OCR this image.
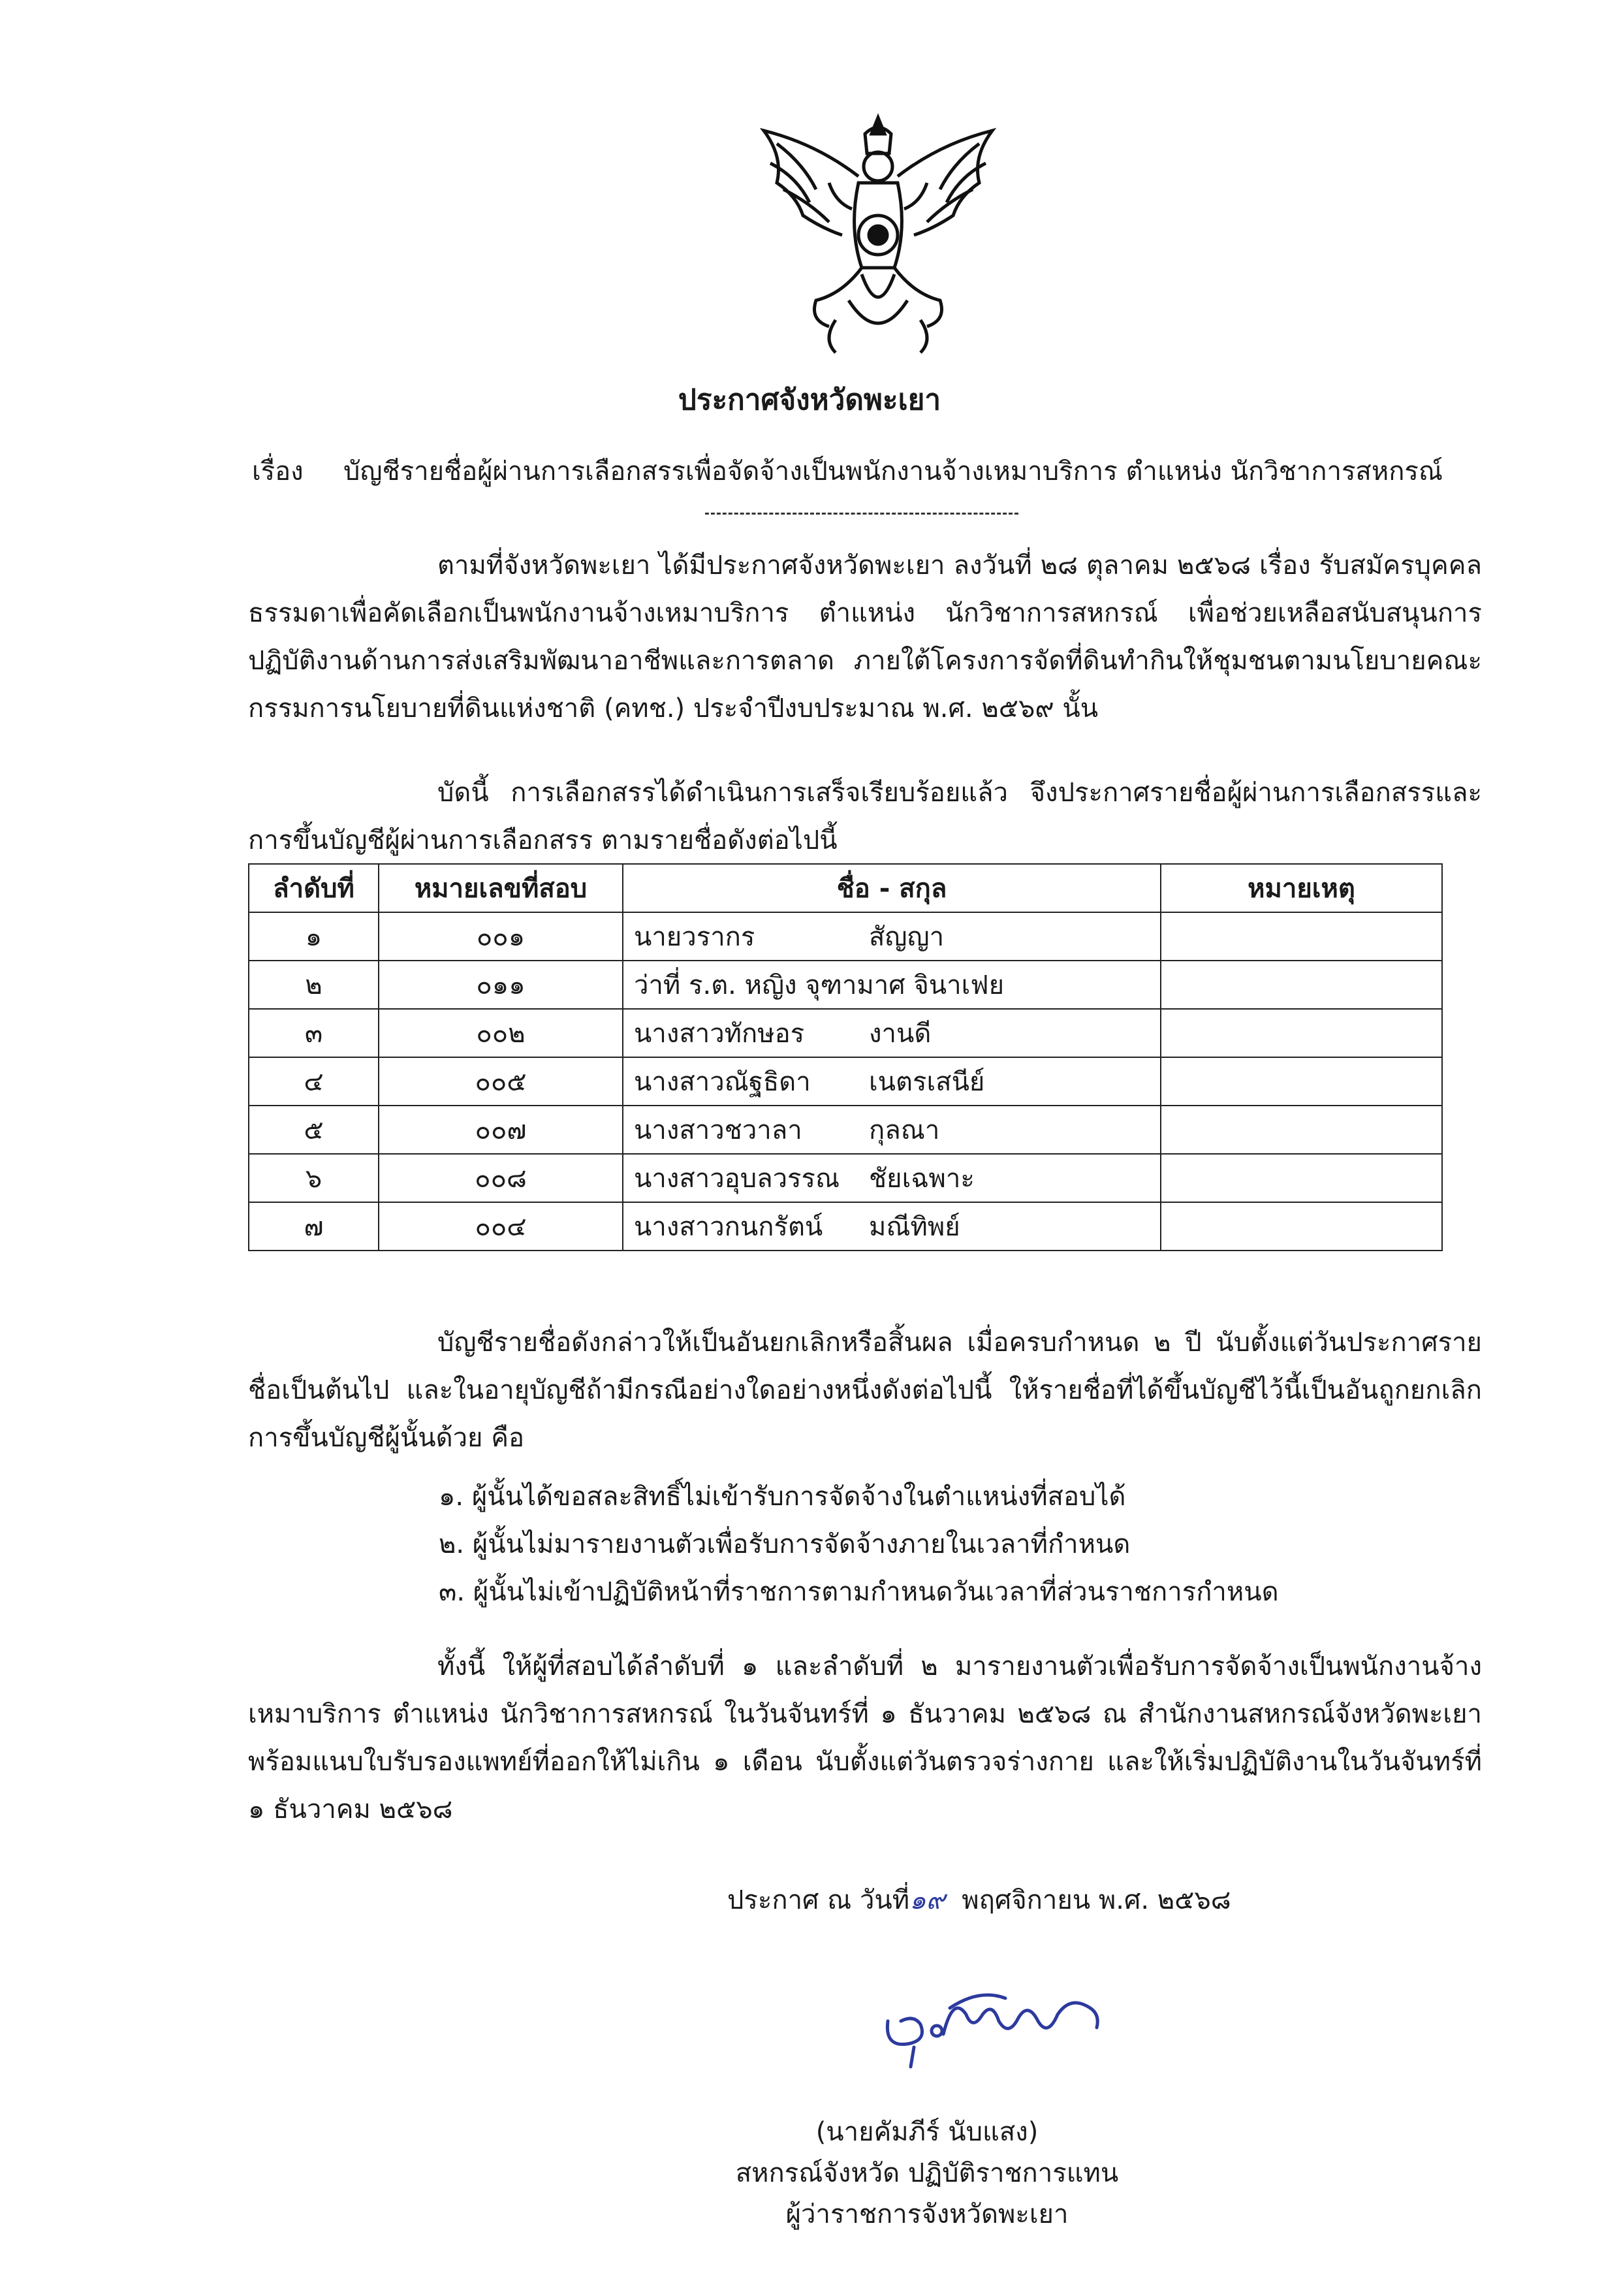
ประกาศจังหวัดพะเยา
เรื่อง บัญชีรายชื่อผู้ผ่านการเลือกสรรเพื่อจัดจ้างเป็นพนักงานจ้างเหมาบริการ ตำแหน่ง นักวิชาการสหกรณ์
ตามที่จังหวัดพะเยา ได้มีประกาศจังหวัดพะเยา ลงวันที่ ๒๘ ตุลาคม ๒๕๖๘ เรื่อง รับสมัครบุคคลธรรมดาเพื่อคัดเลือกเป็นพนักงานจ้างเหมาบริการ ตำแหน่ง นักวิชาการสหกรณ์ เพื่อช่วยเหลือสนับสนุนการปฏิบัติงานด้านการส่งเสริมพัฒนาอาชีพและการตลาด ภายใต้โครงการจัดที่ดินทำกินให้ชุมชนตามนโยบายคณะกรรมการนโยบายที่ดินแห่งชาติ (คทช.) ประจำปีงบประมาณ พ.ศ. ๒๕๖๙ นั้น
บัดนี้ การเลือกสรรได้ดำเนินการเสร็จเรียบร้อยแล้ว จึงประกาศรายชื่อผู้ผ่านการเลือกสรรและการขึ้นบัญชีผู้ผ่านการเลือกสรร ตามรายชื่อดังต่อไปนี้
ลำดับที่	หมายเลขที่สอบ	ชื่อ - สกุล	หมายเหตุ
๑	๐๐๑	นายวรากร สัญญา	
๒	๐๑๑	ว่าที่ ร.ต. หญิง จุฑามาศ จินาเฟย	
๓	๐๐๒	นางสาวทักษอร งานดี	
๔	๐๐๕	นางสาวณัฐธิดา เนตรเสนีย์	
๕	๐๐๗	นางสาวชวาลา กุลณา	
๖	๐๐๘	นางสาวอุบลวรรณ ชัยเฉพาะ	
๗	๐๐๔	นางสาวกนกรัตน์ มณีทิพย์	
บัญชีรายชื่อดังกล่าวให้เป็นอันยกเลิกหรือสิ้นผล เมื่อครบกำหนด ๒ ปี นับตั้งแต่วันประกาศรายชื่อเป็นต้นไป และในอายุบัญชีถ้ามีกรณีอย่างใดอย่างหนึ่งดังต่อไปนี้ ให้รายชื่อที่ได้ขึ้นบัญชีไว้นี้เป็นอันถูกยกเลิกการขึ้นบัญชีผู้นั้นด้วย คือ
๑. ผู้นั้นได้ขอสละสิทธิ์ไม่เข้ารับการจัดจ้างในตำแหน่งที่สอบได้
๒. ผู้นั้นไม่มารายงานตัวเพื่อรับการจัดจ้างภายในเวลาที่กำหนด
๓. ผู้นั้นไม่เข้าปฏิบัติหน้าที่ราชการตามกำหนดวันเวลาที่ส่วนราชการกำหนด
ทั้งนี้ ให้ผู้ที่สอบได้ลำดับที่ ๑ และลำดับที่ ๒ มารายงานตัวเพื่อรับการจัดจ้างเป็นพนักงานจ้างเหมาบริการ ตำแหน่ง นักวิชาการสหกรณ์ ในวันจันทร์ที่ ๑ ธันวาคม ๒๕๖๘ ณ สำนักงานสหกรณ์จังหวัดพะเยา พร้อมแนบใบรับรองแพทย์ที่ออกให้ไม่เกิน ๑ เดือน นับตั้งแต่วันตรวจร่างกาย และให้เริ่มปฏิบัติงานในวันจันทร์ที่ ๑ ธันวาคม ๒๕๖๘
ประกาศ ณ วันที่๑๙ พฤศจิกายน พ.ศ. ๒๕๖๘
(นายคัมภีร์ นับแสง)
สหกรณ์จังหวัด ปฏิบัติราชการแทน
ผู้ว่าราชการจังหวัดพะเยา
